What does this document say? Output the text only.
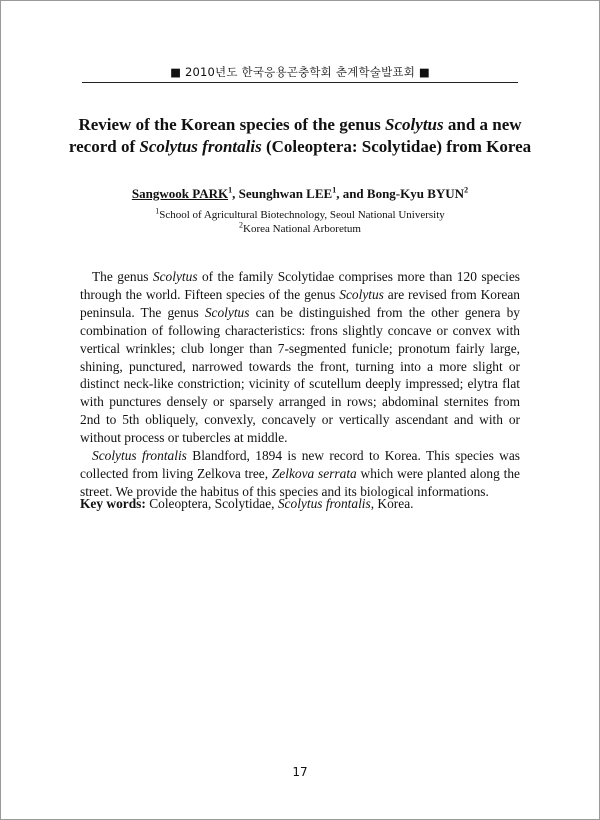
■ 2010년도 한국응용곤충학회 춘계학술발표회 ■
Review of the Korean species of the genus Scolytus and a new
record of Scolytus frontalis (Coleoptera: Scolytidae) from Korea
Sangwook PARK$^1$, Seunghwan LEE$^1$, and Bong-Kyu BYUN$^2$
$^1$School of Agricultural Biotechnology, Seoul National University
$^2$Korea National Arboretum

The genus Scolytus of the family Scolytidae comprises more than 120 species through the world. Fifteen species of the genus Scolytus are revised from Korean peninsula. The genus Scolytus can be distinguished from the other genera by combination of following characteristics: frons slightly concave or convex with vertical wrinkles; club longer than 7-segmented funicle; pronotum fairly large, shining, punctured, narrowed towards the front, turning into a more slight or distinct neck-like constriction; vicinity of scutellum deeply impressed; elytra flat with punctures densely or sparsely arranged in rows; abdominal sternites from 2nd to 5th obliquely, convexly, concavely or vertically ascendant and with or without process or tubercles at middle.

Scolytus frontalis Blandford, 1894 is new record to Korea. This species was collected from living Zelkova tree, Zelkova serrata which were planted along the street. We provide the habitus of this species and its biological informations.

Key words: Coleoptera, Scolytidae, Scolytus frontalis, Korea.
17
